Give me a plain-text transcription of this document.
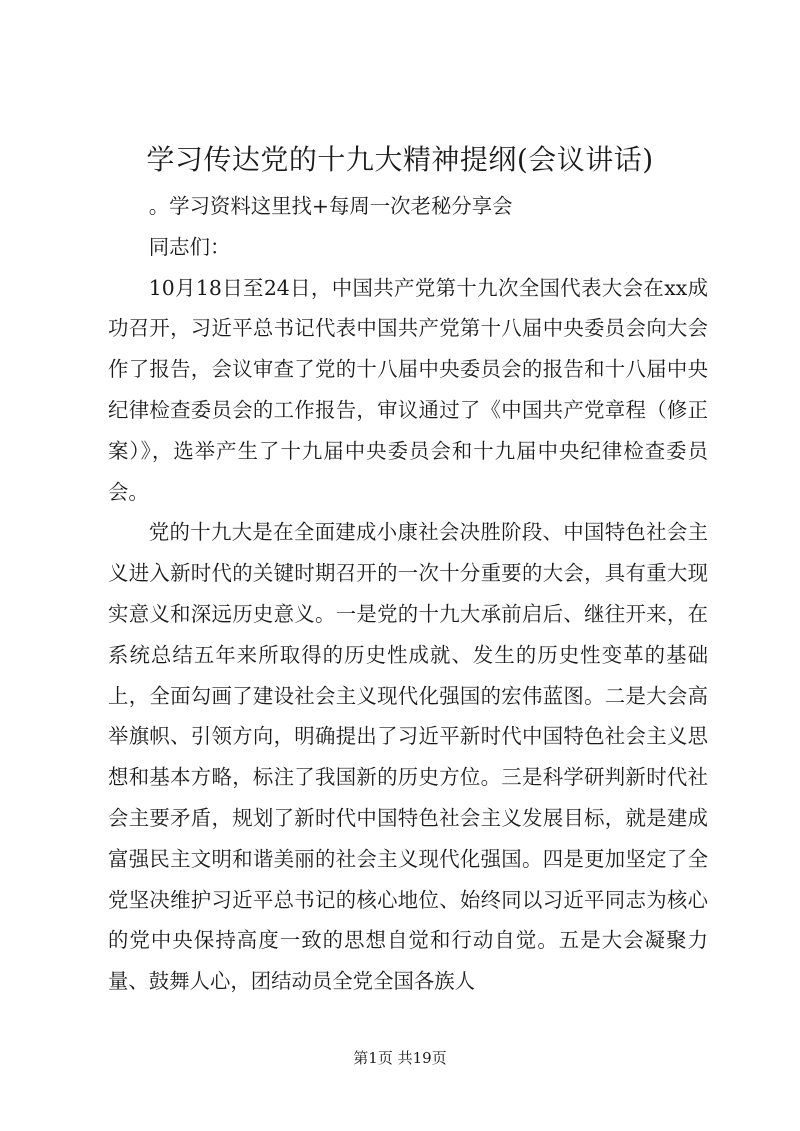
学习传达党的十九大精神提纲(会议讲话)

。学习资料这里找+每周一次老秘分享会

同志们：

10月18日至24日，中国共产党第十九次全国代表大会在xx成功召开，习近平总书记代表中国共产党第十八届中央委员会向大会作了报告，会议审查了党的十八届中央委员会的报告和十八届中央纪律检查委员会的工作报告，审议通过了《中国共产党章程（修正案）》，选举产生了十九届中央委员会和十九届中央纪律检查委员会。

党的十九大是在全面建成小康社会决胜阶段、中国特色社会主义进入新时代的关键时期召开的一次十分重要的大会，具有重大现实意义和深远历史意义。一是党的十九大承前启后、继往开来，在系统总结五年来所取得的历史性成就、发生的历史性变革的基础上，全面勾画了建设社会主义现代化强国的宏伟蓝图。二是大会高举旗帜、引领方向，明确提出了习近平新时代中国特色社会主义思想和基本方略，标注了我国新的历史方位。三是科学研判新时代社会主要矛盾，规划了新时代中国特色社会主义发展目标，就是建成富强民主文明和谐美丽的社会主义现代化强国。四是更加坚定了全党坚决维护习近平总书记的核心地位、始终同以习近平同志为核心的党中央保持高度一致的思想自觉和行动自觉。五是大会凝聚力量、鼓舞人心，团结动员全党全国各族人

第1页 共19页
